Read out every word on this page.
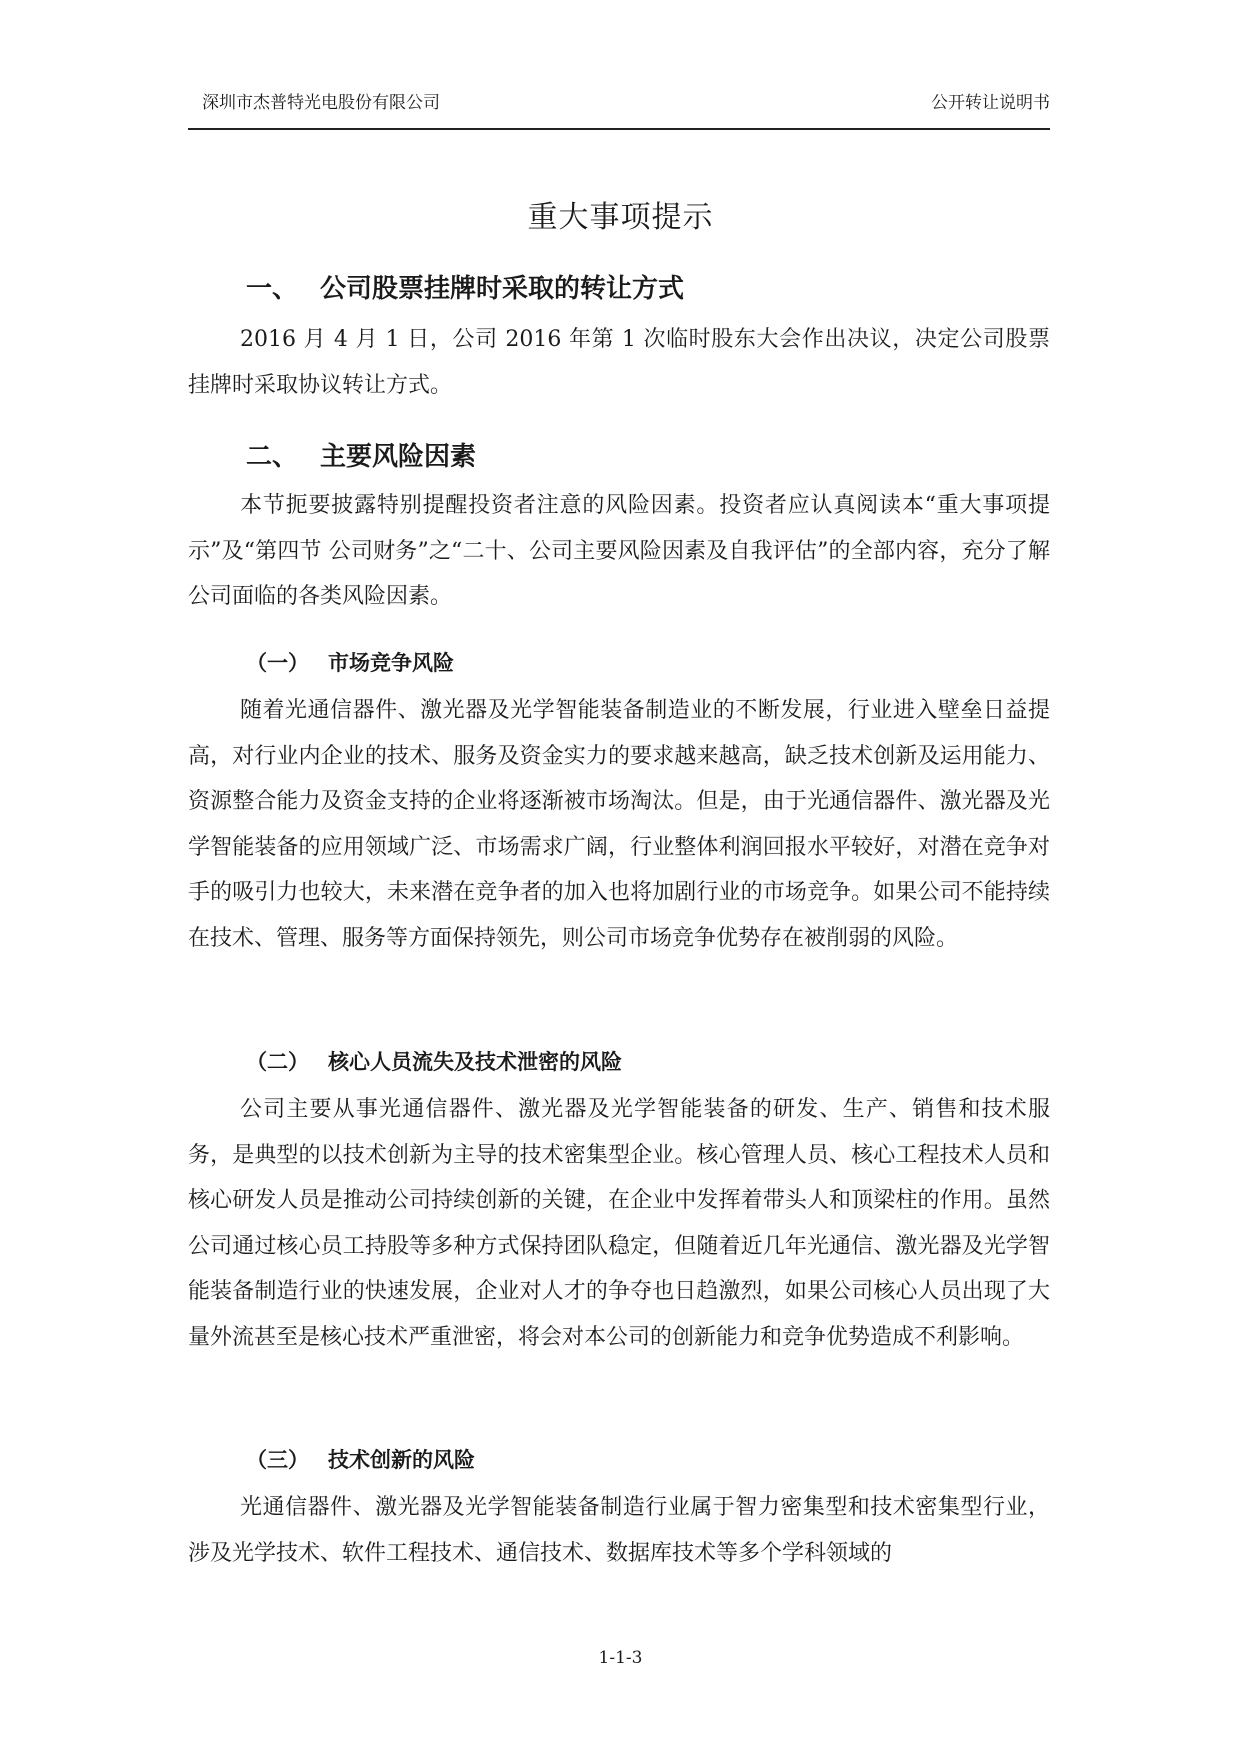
深圳市杰普特光电股份有限公司	公开转让说明书
重大事项提示
一、 公司股票挂牌时采取的转让方式
2016 月 4 月 1 日，公司 2016 年第 1 次临时股东大会作出决议，决定公司股票挂牌时采取协议转让方式。
二、 主要风险因素
本节扼要披露特别提醒投资者注意的风险因素。投资者应认真阅读本“重大事项提示”及“第四节 公司财务”之“二十、公司主要风险因素及自我评估”的全部内容，充分了解公司面临的各类风险因素。
（一） 市场竞争风险
随着光通信器件、激光器及光学智能装备制造业的不断发展，行业进入壁垒日益提高，对行业内企业的技术、服务及资金实力的要求越来越高，缺乏技术创新及运用能力、资源整合能力及资金支持的企业将逐渐被市场淘汰。但是，由于光通信器件、激光器及光学智能装备的应用领域广泛、市场需求广阔，行业整体利润回报水平较好，对潜在竞争对手的吸引力也较大，未来潜在竞争者的加入也将加剧行业的市场竞争。如果公司不能持续在技术、管理、服务等方面保持领先，则公司市场竞争优势存在被削弱的风险。
（二） 核心人员流失及技术泄密的风险
公司主要从事光通信器件、激光器及光学智能装备的研发、生产、销售和技术服务，是典型的以技术创新为主导的技术密集型企业。核心管理人员、核心工程技术人员和核心研发人员是推动公司持续创新的关键，在企业中发挥着带头人和顶梁柱的作用。虽然公司通过核心员工持股等多种方式保持团队稳定，但随着近几年光通信、激光器及光学智能装备制造行业的快速发展，企业对人才的争夺也日趋激烈，如果公司核心人员出现了大量外流甚至是核心技术严重泄密，将会对本公司的创新能力和竞争优势造成不利影响。
（三） 技术创新的风险
光通信器件、激光器及光学智能装备制造行业属于智力密集型和技术密集型行业，涉及光学技术、软件工程技术、通信技术、数据库技术等多个学科领域的
1-1-3
